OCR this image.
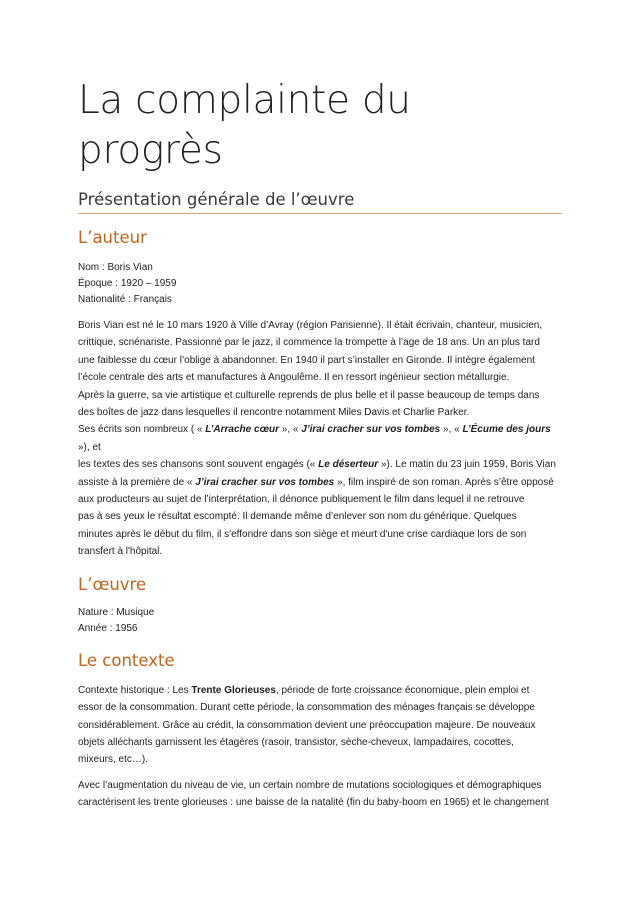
La complainte du
progrès
Présentation générale de l’œuvre
L’auteur

Nom : Boris Vian

Époque : 1920 – 1959

Nationalité : Français

Boris Vian est né le 10 mars 1920 à Ville d’Avray (région Parisienne). Il était écrivain, chanteur, musicien,

crittique, scnénariste. Passionné par le jazz, il commence la trompette à l’age de 18 ans. Un an plus tard

une faiblesse du cœur l’oblige à abandonner. En 1940 il part s’installer en Gironde. Il intègre également

l’école centrale des arts et manufactures à Angoulême. Il en ressort ingénieur section métallurgie.

Après la guerre, sa vie artistique et culturelle reprends de plus belle et il passe beaucoup de temps dans

des boîtes de jazz dans lesquelles il rencontre notamment Miles Davis et Charlie Parker.

Ses écrits son nombreux ( « L’Arrache cœur », « J’irai cracher sur vos tombes », « L’Écume des jours »), et

les textes des ses chansons sont souvent engagés (« Le déserteur »). Le matin du 23 juin 1959, Boris Vian

assiste à la première de « J’irai cracher sur vos tombes », film inspiré de son roman. Après s’être opposé

aux producteurs au sujet de l’interprétation, il dénonce publiquement le film dans lequel il ne retrouve

pas à ses yeux le résultat escompté. Il demande même d’enlever son nom du générique. Quelques

minutes après le début du film, il s'effondre dans son siège et meurt d'une crise cardiaque lors de son

transfert à l'hôpital.

L’œuvre

Nature : Musique

Année : 1956

Le contexte

Contexte historique : Les Trente Glorieuses, période de forte croissance économique, plein emploi et

essor de la consommation. Durant cette période, la consommation des ménages français se développe

considérablement. Grâce au crédit, la consommation devient une préoccupation majeure. De nouveaux

objets alléchants garnissent les étagères (rasoir, transistor, sèche-cheveux, lampadaires, cocottes,

mixeurs, etc…).

Avec l’augmentation du niveau de vie, un certain nombre de mutations sociologiques et démographiques

caractérisent les trente glorieuses : une baisse de la natalité (fin du baby-boom en 1965) et le changement
